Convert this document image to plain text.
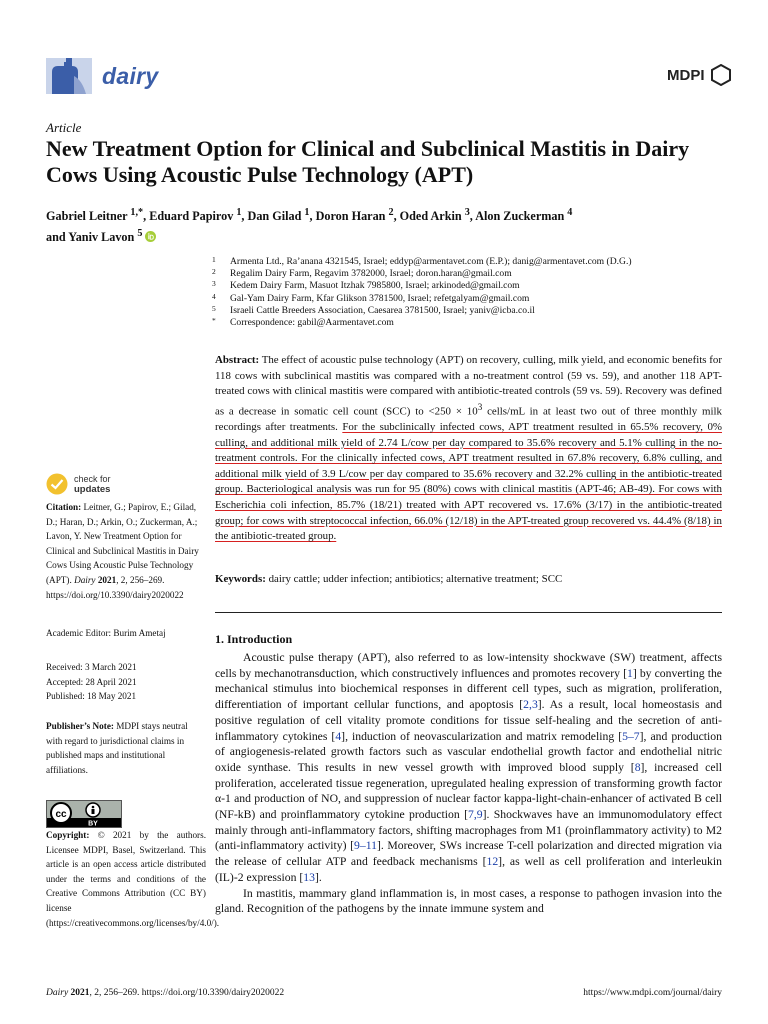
dairy	MDPI
Article
New Treatment Option for Clinical and Subclinical Mastitis in Dairy Cows Using Acoustic Pulse Technology (APT)
Gabriel Leitner $^{1,*}$, Eduard Papirov $^1$, Dan Gilad $^1$, Doron Haran $^2$, Oded Arkin $^3$, Alon Zuckerman $^4$
and Yaniv Lavon $^5$
1	Armenta Ltd., Ra’anana 4321545, Israel; eddyp@armentavet.com (E.P.); danig@armentavet.com (D.G.)
2	Regalim Dairy Farm, Regavim 3782000, Israel; doron.haran@gmail.com
3	Kedem Dairy Farm, Masuot Itzhak 7985800, Israel; arkinoded@gmail.com
4	Gal-Yam Dairy Farm, Kfar Glikson 3781500, Israel; refetgalyam@gmail.com
5	Israeli Cattle Breeders Association, Caesarea 3781500, Israel; yaniv@icba.co.il
*	Correspondence: gabil@Aarmentavet.com
Abstract: The effect of acoustic pulse technology (APT) on recovery, culling, milk yield, and economic benefits for 118 cows with subclinical mastitis was compared with a no-treatment control (59 vs. 59), and another 118 APT-treated cows with clinical mastitis were compared with antibiotic-treated controls (59 vs. 59). Recovery was defined as a decrease in somatic cell count (SCC) to $<250 \times 10^3$ cells/mL in at least two out of three monthly milk recordings after treatments. For the subclinically infected cows, APT treatment resulted in 65.5% recovery, 0% culling, and additional milk yield of 2.74 L/cow per day compared to 35.6% recovery and 5.1% culling in the no-treatment controls. For the clinically infected cows, APT treatment resulted in 67.8% recovery, 6.8% culling, and additional milk yield of 3.9 L/cow per day compared to 35.6% recovery and 32.2% culling in the antibiotic-treated group. Bacteriological analysis was run for 95 (80%) cows with clinical mastitis (APT-46; AB-49). For cows with Escherichia coli infection, 85.7% (18/21) treated with APT recovered vs. 17.6% (3/17) in the antibiotic-treated group; for cows with streptococcal infection, 66.0% (12/18) in the APT-treated group recovered vs. 44.4% (8/18) in the antibiotic-treated group.
Keywords: dairy cattle; udder infection; antibiotics; alternative treatment; SCC
check for
updates
Citation: Leitner, G.; Papirov, E.; Gilad, D.; Haran, D.; Arkin, O.; Zuckerman, A.; Lavon, Y. New Treatment Option for Clinical and Subclinical Mastitis in Dairy Cows Using Acoustic Pulse Technology (APT). Dairy 2021, 2, 256–269. https://doi.org/10.3390/dairy2020022
Academic Editor: Burim Ametaj
Received: 3 March 2021
Accepted: 28 April 2021
Published: 18 May 2021
Publisher’s Note: MDPI stays neutral with regard to jurisdictional claims in published maps and institutional affiliations.
cc
BY
Copyright: © 2021 by the authors. Licensee MDPI, Basel, Switzerland. This article is an open access article distributed under the terms and conditions of the Creative Commons Attribution (CC BY) license (https://creativecommons.org/licenses/by/4.0/).
1. Introduction

Acoustic pulse therapy (APT), also referred to as low-intensity shockwave (SW) treatment, affects cells by mechanotransduction, which constructively influences and promotes recovery [1] by converting the mechanical stimulus into biochemical responses in different cell types, such as migration, proliferation, differentiation of important cellular functions, and apoptosis [2,3]. As a result, local homeostasis and positive regulation of cell vitality promote conditions for tissue self-healing and the secretion of anti-inflammatory cytokines [4], induction of neovascularization and matrix remodeling [5–7], and production of angiogenesis-related growth factors such as vascular endothelial growth factor and endothelial nitric oxide synthase. This results in new vessel growth with improved blood supply [8], increased cell proliferation, accelerated tissue regeneration, upregulated healing expression of transforming growth factor α-1 and production of NO, and suppression of nuclear factor kappa-light-chain-enhancer of activated B cell (NF-kB) and proinflammatory cytokine production [7,9]. Shockwaves have an immunomodulatory effect mainly through anti-inflammatory factors, shifting macrophages from M1 (proinflammatory activity) to M2 (anti-inflammatory activity) [9–11]. Moreover, SWs increase T-cell polarization and directed migration via the release of cellular ATP and feedback mechanisms [12], as well as cell proliferation and interleukin (IL)-2 expression [13].

In mastitis, mammary gland inflammation is, in most cases, a response to pathogen invasion into the gland. Recognition of the pathogens by the innate immune system and

Dairy 2021, 2, 256–269. https://doi.org/10.3390/dairy2020022	https://www.mdpi.com/journal/dairy
